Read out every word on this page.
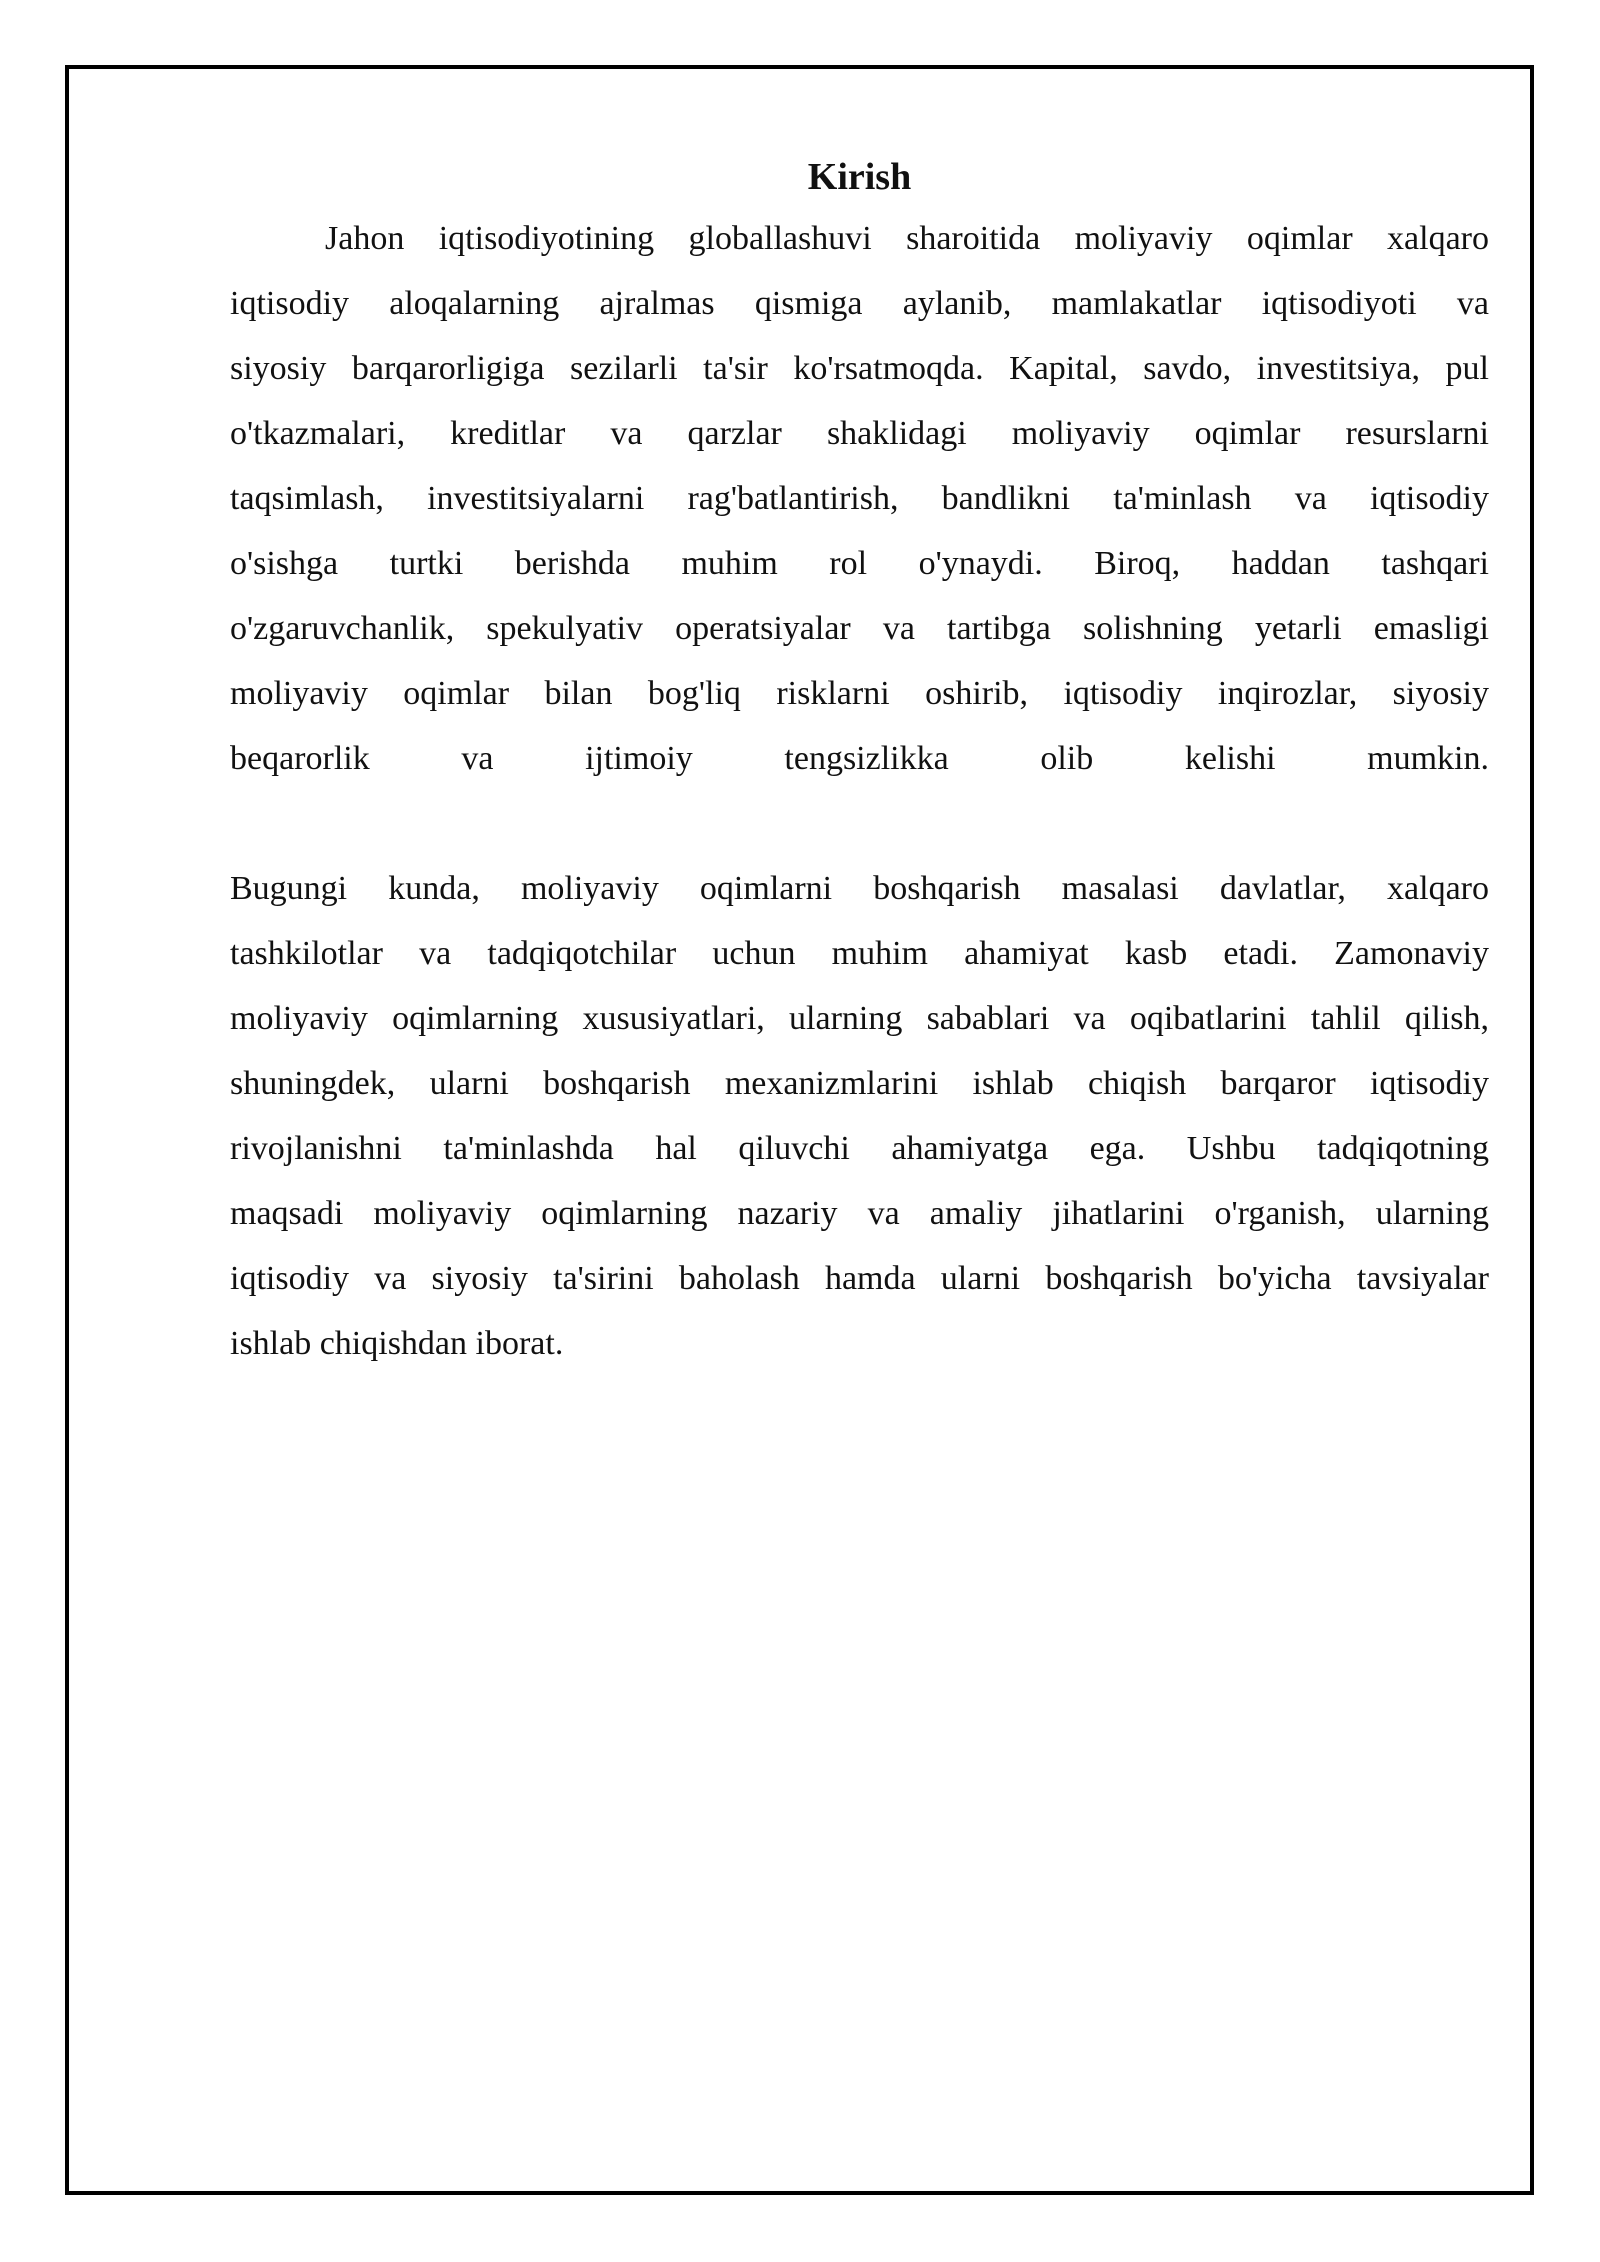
Kirish
Jahon iqtisodiyotining globallashuvi sharoitida moliyaviy oqimlar xalqaro
iqtisodiy aloqalarning ajralmas qismiga aylanib, mamlakatlar iqtisodiyoti va
siyosiy barqarorligiga sezilarli ta'sir ko'rsatmoqda. Kapital, savdo, investitsiya, pul
o'tkazmalari, kreditlar va qarzlar shaklidagi moliyaviy oqimlar resurslarni
taqsimlash, investitsiyalarni rag'batlantirish, bandlikni ta'minlash va iqtisodiy
o'sishga turtki berishda muhim rol o'ynaydi. Biroq, haddan tashqari
o'zgaruvchanlik, spekulyativ operatsiyalar va tartibga solishning yetarli emasligi
moliyaviy oqimlar bilan bog'liq risklarni oshirib, iqtisodiy inqirozlar, siyosiy
beqarorlik va ijtimoiy tengsizlikka olib kelishi mumkin.
Bugungi kunda, moliyaviy oqimlarni boshqarish masalasi davlatlar, xalqaro
tashkilotlar va tadqiqotchilar uchun muhim ahamiyat kasb etadi. Zamonaviy
moliyaviy oqimlarning xususiyatlari, ularning sabablari va oqibatlarini tahlil qilish,
shuningdek, ularni boshqarish mexanizmlarini ishlab chiqish barqaror iqtisodiy
rivojlanishni ta'minlashda hal qiluvchi ahamiyatga ega. Ushbu tadqiqotning
maqsadi moliyaviy oqimlarning nazariy va amaliy jihatlarini o'rganish, ularning
iqtisodiy va siyosiy ta'sirini baholash hamda ularni boshqarish bo'yicha tavsiyalar
ishlab chiqishdan iborat.
